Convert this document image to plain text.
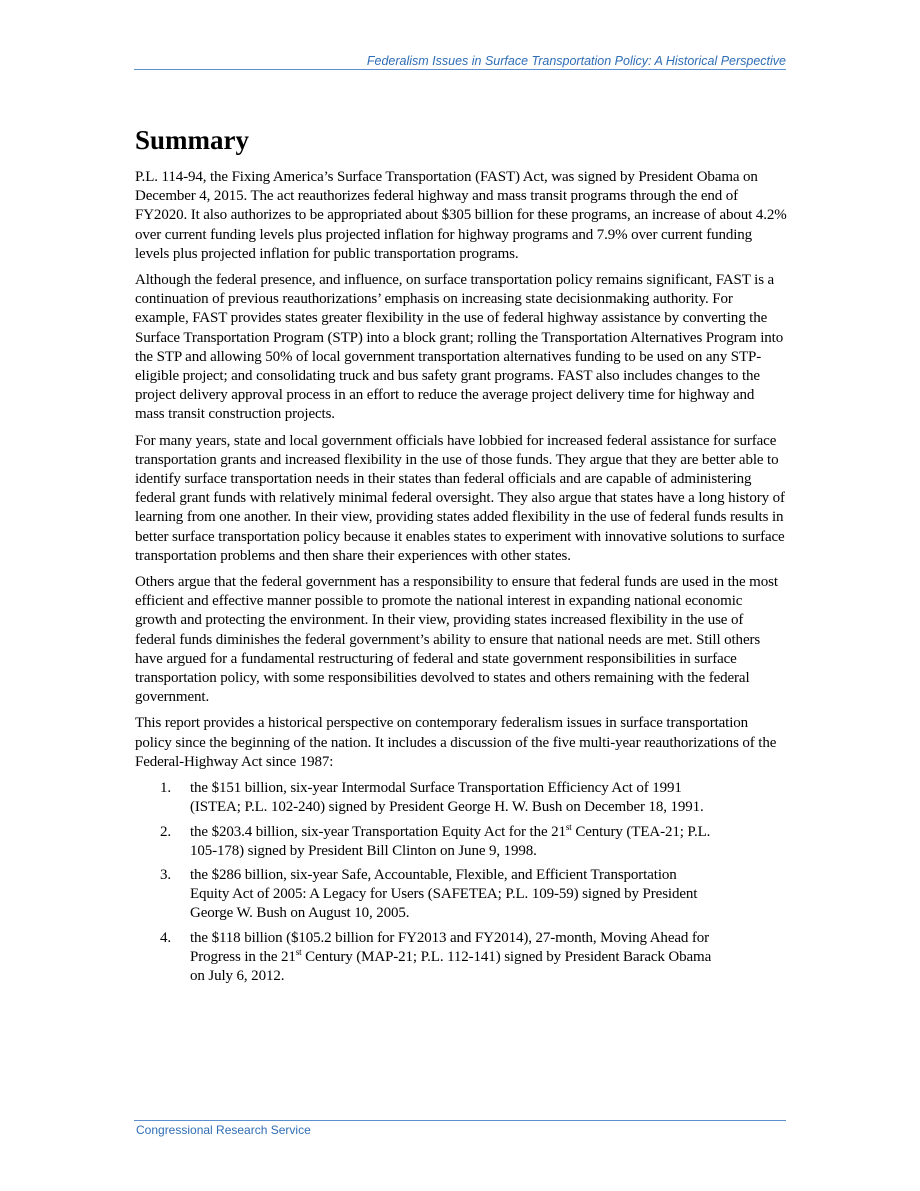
Federalism Issues in Surface Transportation Policy: A Historical Perspective
Summary

P.L. 114-94, the Fixing America’s Surface Transportation (FAST) Act, was signed by President Obama on December 4, 2015. The act reauthorizes federal highway and mass transit programs through the end of FY2020. It also authorizes to be appropriated about $305 billion for these programs, an increase of about 4.2% over current funding levels plus projected inflation for highway programs and 7.9% over current funding levels plus projected inflation for public transportation programs.

Although the federal presence, and influence, on surface transportation policy remains significant, FAST is a continuation of previous reauthorizations’ emphasis on increasing state decisionmaking authority. For example, FAST provides states greater flexibility in the use of federal highway assistance by converting the Surface Transportation Program (STP) into a block grant; rolling the Transportation Alternatives Program into the STP and allowing 50% of local government transportation alternatives funding to be used on any STP-eligible project; and consolidating truck and bus safety grant programs. FAST also includes changes to the project delivery approval process in an effort to reduce the average project delivery time for highway and mass transit construction projects.

For many years, state and local government officials have lobbied for increased federal assistance for surface transportation grants and increased flexibility in the use of those funds. They argue that they are better able to identify surface transportation needs in their states than federal officials and are capable of administering federal grant funds with relatively minimal federal oversight. They also argue that states have a long history of learning from one another. In their view, providing states added flexibility in the use of federal funds results in better surface transportation policy because it enables states to experiment with innovative solutions to surface transportation problems and then share their experiences with other states.

Others argue that the federal government has a responsibility to ensure that federal funds are used in the most efficient and effective manner possible to promote the national interest in expanding national economic growth and protecting the environment. In their view, providing states increased flexibility in the use of federal funds diminishes the federal government’s ability to ensure that national needs are met. Still others have argued for a fundamental restructuring of federal and state government responsibilities in surface transportation policy, with some responsibilities devolved to states and others remaining with the federal government.

This report provides a historical perspective on contemporary federalism issues in surface transportation policy since the beginning of the nation. It includes a discussion of the five multi-year reauthorizations of the Federal-Highway Act since 1987:

1. the $151 billion, six-year Intermodal Surface Transportation Efficiency Act of 1991 (ISTEA; P.L. 102-240) signed by President George H. W. Bush on December 18, 1991.
2. the $203.4 billion, six-year Transportation Equity Act for the 21st Century (TEA-21; P.L. 105-178) signed by President Bill Clinton on June 9, 1998.
3. the $286 billion, six-year Safe, Accountable, Flexible, and Efficient Transportation Equity Act of 2005: A Legacy for Users (SAFETEA; P.L. 109-59) signed by President George W. Bush on August 10, 2005.
4. the $118 billion ($105.2 billion for FY2013 and FY2014), 27-month, Moving Ahead for Progress in the 21st Century (MAP-21; P.L. 112-141) signed by President Barack Obama on July 6, 2012.
Congressional Research Service
